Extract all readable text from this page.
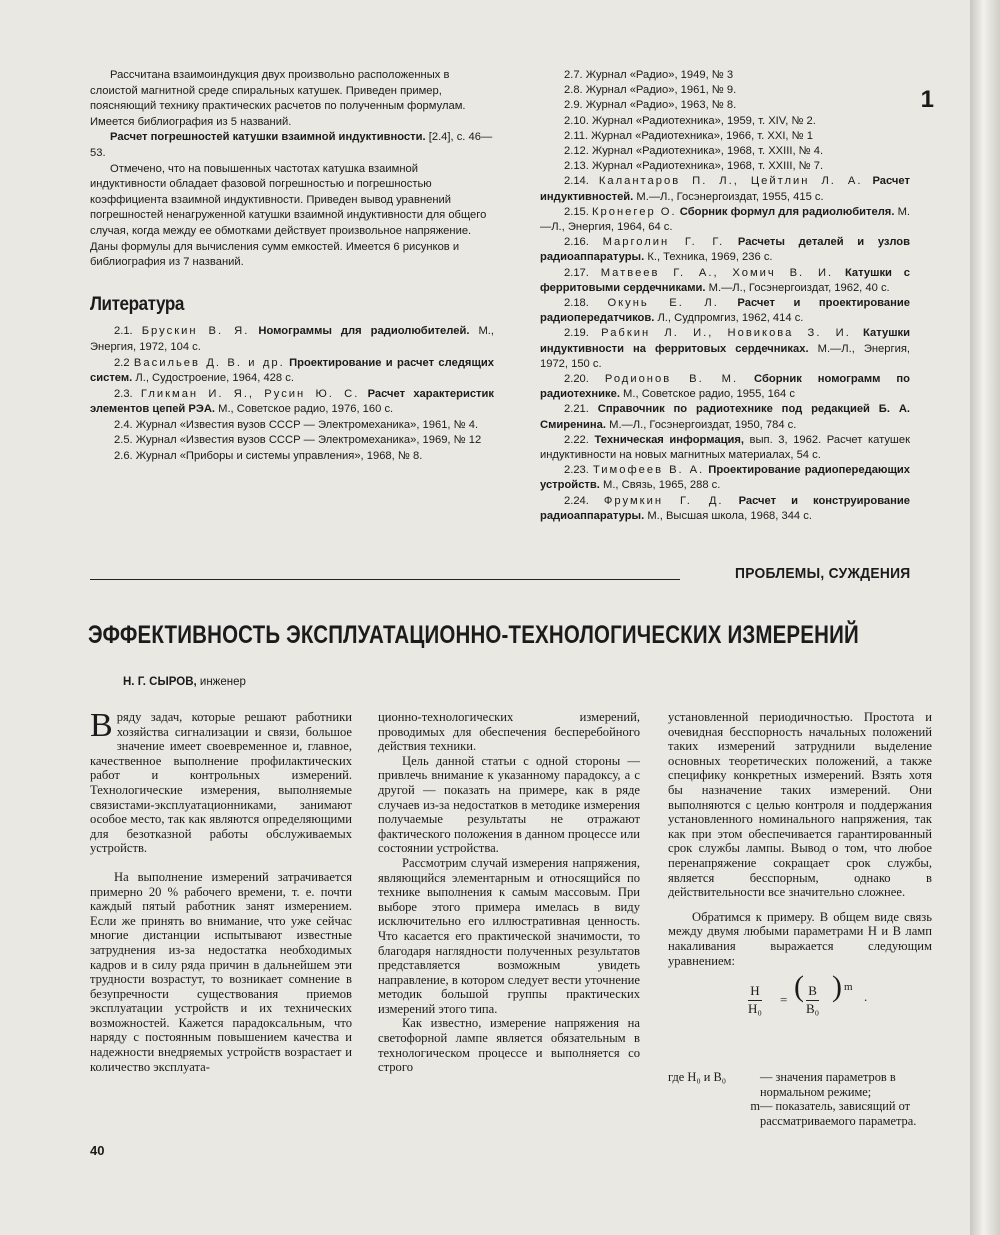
Рассчитана взаимоиндукция двух произвольно расположенных в слоистой магнитной среде спиральных катушек. Приведен пример, поясняющий технику практических расчетов по полученным формулам. Имеется библиография из 5 названий.

Расчет погрешностей катушки взаимной индуктивности. [2.4], с. 46—53.

Отмечено, что на повышенных частотах катушка взаимной индуктивности обладает фазовой погрешностью и погрешностью коэффициента взаимной индуктивности. Приведен вывод уравнений погрешностей ненагруженной катушки взаимной индуктивности для общего случая, когда между ее обмотками действует произвольное напряжение. Даны формулы для вычисления сумм емкостей. Имеется 6 рисунков и библиография из 7 названий.

Литература

2.1. Брускин В. Я. Номограммы для радиолюбителей. М., Энергия, 1972, 104 с.

2.2 Васильев Д. В. и др. Проектирование и расчет следящих систем. Л., Судостроение, 1964, 428 с.

2.3. Гликман И. Я., Русин Ю. С. Расчет характеристик элементов цепей РЭА. М., Советское радио, 1976, 160 с.

2.4. Журнал «Известия вузов СССР — Электромеханика», 1961, № 4.

2.5. Журнал «Известия вузов СССР — Электромеханика», 1969, № 12

2.6. Журнал «Приборы и системы управления», 1968, № 8.

2.7. Журнал «Радио», 1949, № 3

2.8. Журнал «Радио», 1961, № 9.

2.9. Журнал «Радио», 1963, № 8.

2.10. Журнал «Радиотехника», 1959, т. XIV, № 2.

2.11. Журнал «Радиотехника», 1966, т. XXI, № 1

2.12. Журнал «Радиотехника», 1968, т. XXIII, № 4.

2.13. Журнал «Радиотехника», 1968, т. XXIII, № 7.

2.14. Калантаров П. Л., Цейтлин Л. А. Расчет индуктивностей. М.—Л., Госэнергоиздат, 1955, 415 с.

2.15. Кронегер О. Сборник формул для радиолюбителя. М.—Л., Энергия, 1964, 64 с.

2.16. Марголин Г. Г. Расчеты деталей и узлов радиоаппаратуры. К., Техника, 1969, 236 с.

2.17. Матвеев Г. А., Хомич В. И. Катушки с ферритовыми сердечниками. М.—Л., Госэнергоиздат, 1962, 40 с.

2.18. Окунь Е. Л. Расчет и проектирование радиопередатчиков. Л., Судпромгиз, 1962, 414 с.

2.19. Рабкин Л. И., Новикова З. И. Катушки индуктивности на ферритовых сердечниках. М.—Л., Энергия, 1972, 150 с.

2.20. Родионов В. М. Сборник номограмм по радиотехнике. М., Советское радио, 1955, 164 с

2.21. Справочник по радиотехнике под редакцией Б. А. Смиренина. М.—Л., Госэнергоиздат, 1950, 784 с.

2.22. Техническая информация, вып. 3, 1962. Расчет катушек индуктивности на новых магнитных материалах, 54 с.

2.23. Тимофеев В. А. Проектирование радиопередающих устройств. М., Связь, 1965, 288 с.

2.24. Фрумкин Г. Д. Расчет и конструирование радиоаппаратуры. М., Высшая школа, 1968, 344 с.

ПРОБЛЕМЫ, СУЖДЕНИЯ
ЭФФЕКТИВНОСТЬ ЭКСПЛУАТАЦИОННО-ТЕХНОЛОГИЧЕСКИХ ИЗМЕРЕНИЙ
Н. Г. СЫРОВ, инженер

В ряду задач, которые решают работники хозяйства сигнализации и связи, большое значение имеет своевременное и, главное, качественное выполнение профилактических работ и контрольных измерений. Технологические измерения, выполняемые связистами-эксплуатационниками, занимают особое место, так как являются определяющими для безотказной работы обслуживаемых устройств.

На выполнение измерений затрачивается примерно 20 % рабочего времени, т. е. почти каждый пятый работник занят измерением. Если же принять во внимание, что уже сейчас многие дистанции испытывают известные затруднения из-за недостатка необходимых кадров и в силу ряда причин в дальнейшем эти трудности возрастут, то возникает сомнение в безупречности существования приемов эксплуатации устройств и их технических возможностей. Кажется парадоксальным, что наряду с постоянным повышением качества и надежности внедряемых устройств возрастает и количество эксплуата-

ционно-технологических измерений, проводимых для обеспечения бесперебойного действия техники.

Цель данной статьи с одной стороны — привлечь внимание к указанному парадоксу, а с другой — показать на примере, как в ряде случаев из-за недостатков в методике измерения получаемые результаты не отражают фактического положения в данном процессе или состоянии устройства.

Рассмотрим случай измерения напряжения, являющийся элементарным и относящийся по технике выполнения к самым массовым. При выборе этого примера имелась в виду исключительно его иллюстративная ценность. Что касается его практической значимости, то благодаря наглядности полученных результатов представляется возможным увидеть направление, в котором следует вести уточнение методик большой группы практических измерений этого типа.

Как известно, измерение напряжения на светофорной лампе является обязательным в технологическом процессе и выполняется со строго

установленной периодичностью. Простота и очевидная бесспорность начальных положений таких измерений затруднили выделение основных теоретических положений, а также специфику конкретных измерений. Взять хотя бы назначение таких измерений. Они выполняются с целью контроля и поддержания установленного номинального напряжения, так как при этом обеспечивается гарантированный срок службы лампы. Вывод о том, что любое перенапряжение сокращает срок службы, является бесспорным, однако в действительности все значительно сложнее.

Обратимся к примеру. В общем виде связь между двумя любыми параметрами H и B ламп накаливания выражается следующим уравнением:

$\frac{H}{\text{H₀}}$ = ( $\frac{B}{\text{B₀}}$ ) m
.
где H₀ и B₀	— значения параметров в нормальном режиме;
m — показатель, зависящий от рассматриваемого параметра.
40
1
